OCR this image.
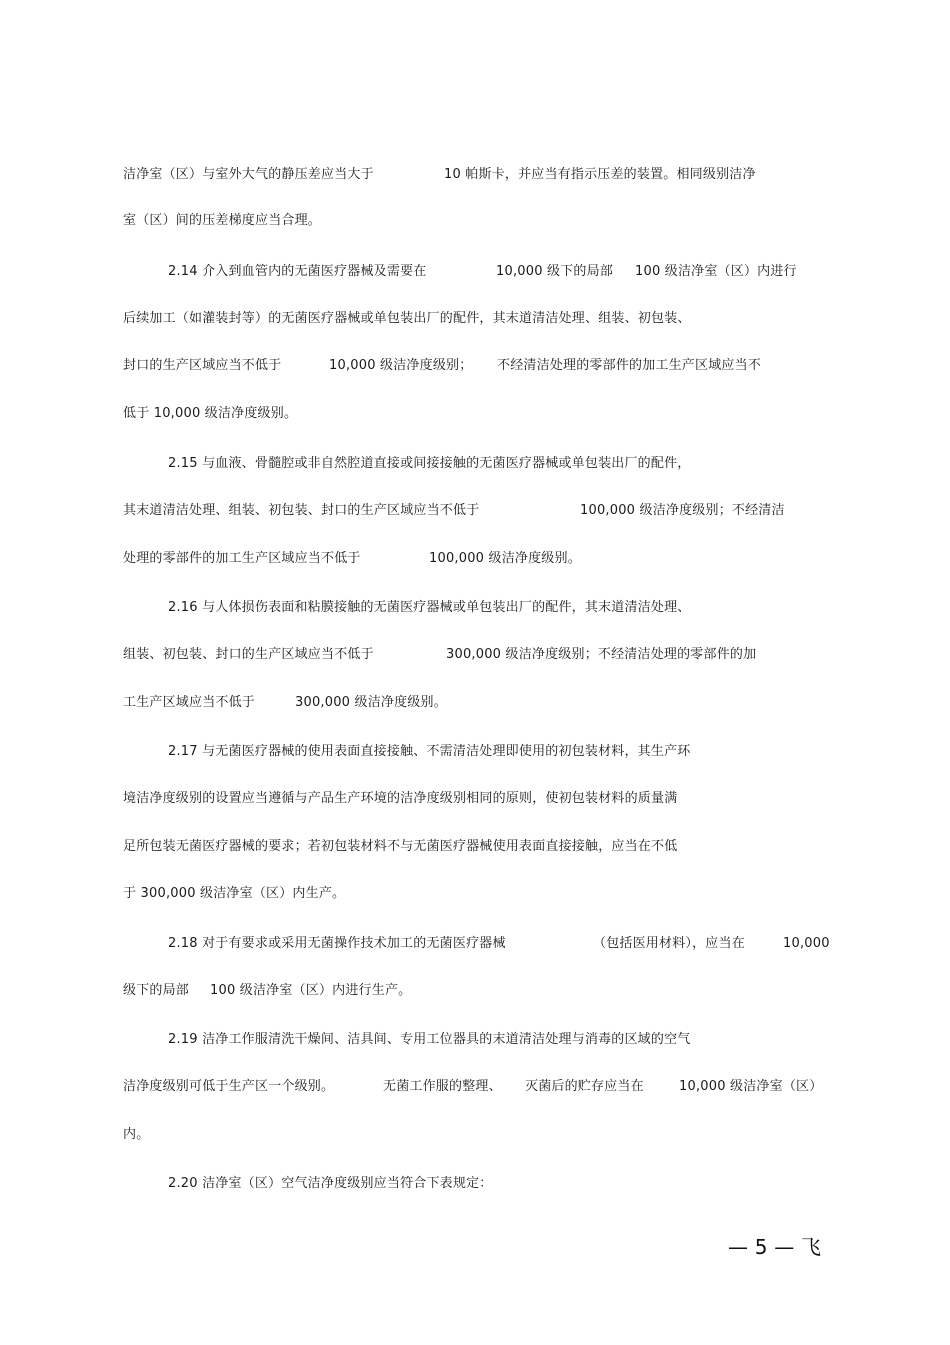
洁净室（区）与室外大气的静压差应当大于	10 帕斯卡，并应当有指示压差的装置。相同级别洁净
室（区）间的压差梯度应当合理。
2.14 介入到血管内的无菌医疗器械及需要在	10,000 级下的局部 100 级洁净室（区）内进行
后续加工（如灌装封等）的无菌医疗器械或单包装出厂的配件，其末道清洁处理、组装、初包装、
封口的生产区域应当不低于	10,000 级洁净度级别； 不经清洁处理的零部件的加工生产区域应当不
低于 10,000 级洁净度级别。
2.15 与血液、骨髓腔或非自然腔道直接或间接接触的无菌医疗器械或单包装出厂的配件，
其末道清洁处理、组装、初包装、封口的生产区域应当不低于	100,000 级洁净度级别；不经清洁
处理的零部件的加工生产区域应当不低于	100,000 级洁净度级别。
2.16 与人体损伤表面和粘膜接触的无菌医疗器械或单包装出厂的配件，其末道清洁处理、
组装、初包装、封口的生产区域应当不低于	300,000 级洁净度级别；不经清洁处理的零部件的加
工生产区域应当不低于	300,000 级洁净度级别。
2.17 与无菌医疗器械的使用表面直接接触、不需清洁处理即使用的初包装材料，其生产环
境洁净度级别的设置应当遵循与产品生产环境的洁净度级别相同的原则，使初包装材料的质量满
足所包装无菌医疗器械的要求；若初包装材料不与无菌医疗器械使用表面直接接触，应当在不低
于 300,000 级洁净室（区）内生产。
2.18 对于有要求或采用无菌操作技术加工的无菌医疗器械	（包括医用材料），应当在	10,000
级下的局部 100 级洁净室（区）内进行生产。
2.19 洁净工作服清洗干燥间、洁具间、专用工位器具的末道清洁处理与消毒的区域的空气
洁净度级别可低于生产区一个级别。	无菌工作服的整理、 灭菌后的贮存应当在	10,000 级洁净室（区）
内。
2.20 洁净室（区）空气洁净度级别应当符合下表规定：
— 5 — 飞
